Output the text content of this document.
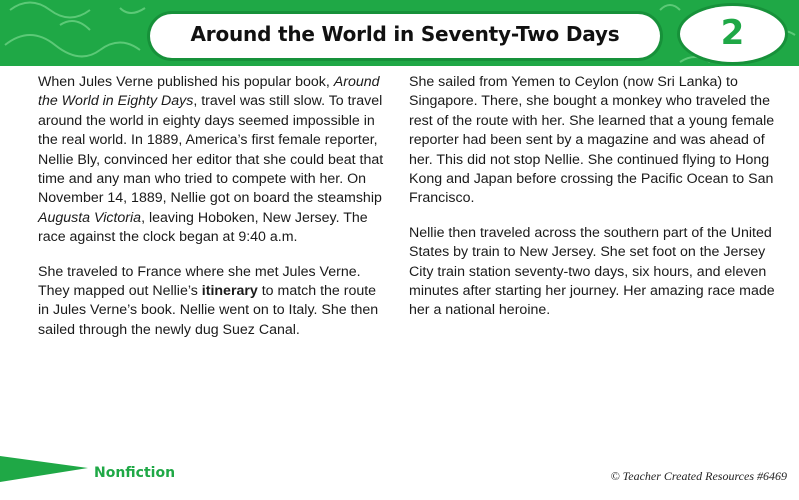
Around the World in Seventy-Two Days	2

When Jules Verne published his popular book, Around the World in Eighty Days, travel was still slow. To travel around the world in eighty days seemed impossible in the real world. In 1889, America’s first female reporter, Nellie Bly, convinced her editor that she could beat that time and any man who tried to compete with her. On November 14, 1889, Nellie got on board the steamship Augusta Victoria, leaving Hoboken, New Jersey. The race against the clock began at 9:40 a.m.

She traveled to France where she met Jules Verne. They mapped out Nellie’s itinerary to match the route in Jules Verne’s book. Nellie went on to Italy. She then sailed through the newly dug Suez Canal.

She sailed from Yemen to Ceylon (now Sri Lanka) to Singapore. There, she bought a monkey who traveled the rest of the route with her. She learned that a young female reporter had been sent by a magazine and was ahead of her. This did not stop Nellie. She continued flying to Hong Kong and Japan before crossing the Pacific Ocean to San Francisco.

Nellie then traveled across the southern part of the United States by train to New Jersey. She set foot on the Jersey City train station seventy-two days, six hours, and eleven minutes after starting her journey. Her amazing race made her a national heroine.

Nonfiction	© Teacher Created Resources #6469
